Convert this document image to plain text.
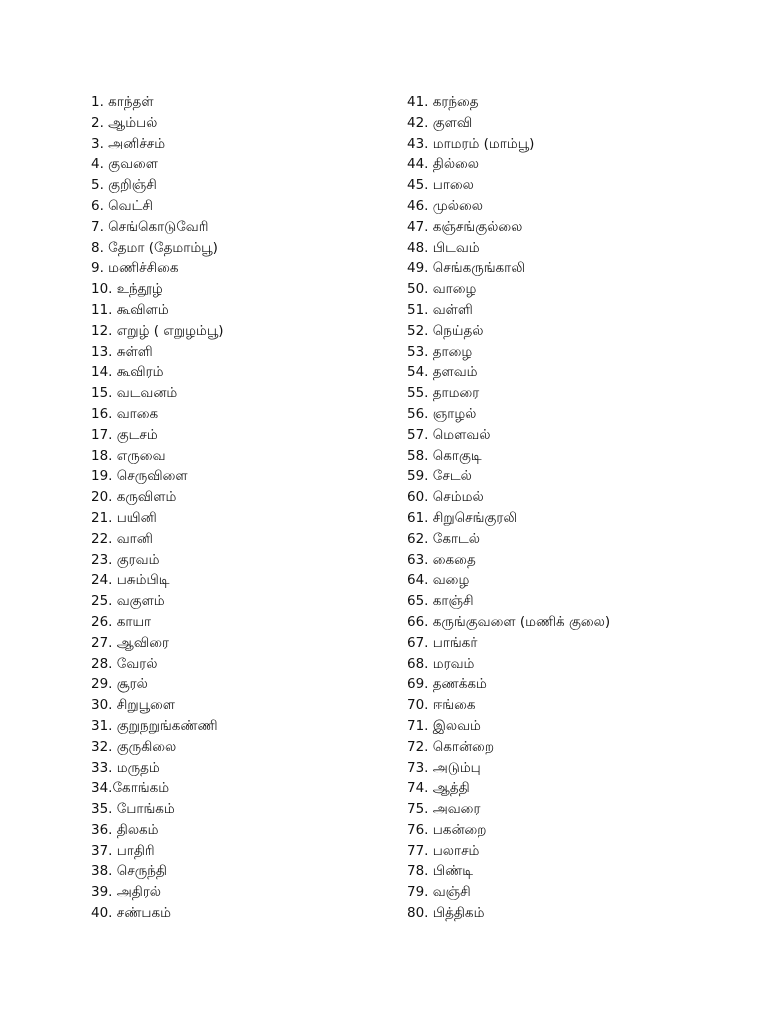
1. காந்தள்
2. ஆம்பல்
3. அனிச்சம்
4. குவளை
5. குறிஞ்சி
6. வெட்சி
7. செங்கொடுவேரி
8. தேமா (தேமாம்பூ)
9. மணிச்சிகை
10. உந்தூழ்
11. கூவிளம்
12. எறுழ் ( எறுழம்பூ)
13. சுள்ளி
14. கூவிரம்
15. வடவனம்
16. வாகை
17. குடசம்
18. எருவை
19. செருவிளை
20. கருவிளம்
21. பயினி
22. வானி
23. குரவம்
24. பசும்பிடி
25. வகுளம்
26. காயா
27. ஆவிரை
28. வேரல்
29. சூரல்
30. சிறுபூளை
31. குறுநறுங்கண்ணி
32. குருகிலை
33. மருதம்
34.கோங்கம்
35. போங்கம்
36. திலகம்
37. பாதிரி
38. செருந்தி
39. அதிரல்
40. சண்பகம்
41. கரந்தை
42. குளவி
43. மாமரம் (மாம்பூ)
44. தில்லை
45. பாலை
46. முல்லை
47. கஞ்சங்குல்லை
48. பிடவம்
49. செங்கருங்காலி
50. வாழை
51. வள்ளி
52. நெய்தல்
53. தாழை
54. தளவம்
55. தாமரை
56. ஞாழல்
57. மௌவல்
58. கொகுடி
59. சேடல்
60. செம்மல்
61. சிறுசெங்குரலி
62. கோடல்
63. கைதை
64. வழை
65. காஞ்சி
66. கருங்குவளை (மணிக் குலை)
67. பாங்கர்
68. மரவம்
69. தணக்கம்
70. ஈங்கை
71. இலவம்
72. கொன்றை
73. அடும்பு
74. ஆத்தி
75. அவரை
76. பகன்றை
77. பலாசம்
78. பிண்டி
79. வஞ்சி
80. பித்திகம்
